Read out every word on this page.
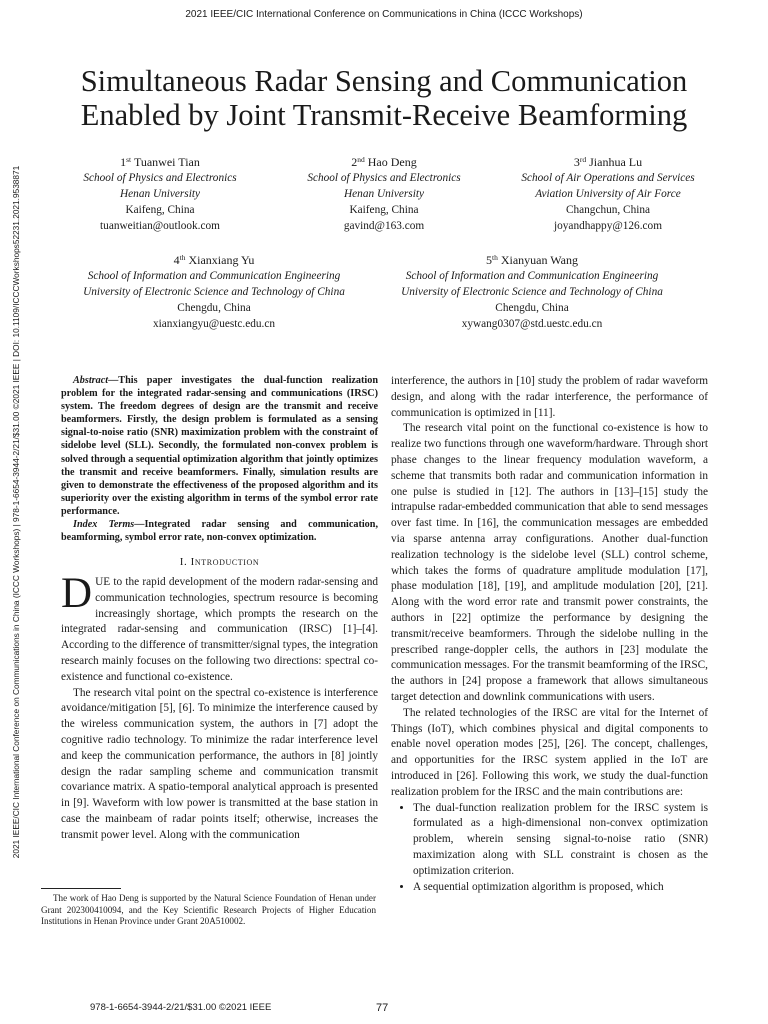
2021 IEEE/CIC International Conference on Communications in China (ICCC Workshops)
2021 IEEE/CIC International Conference on Communications in China (ICCC Workshops) | 978-1-6654-3944-2/21/$31.00 ©2021 IEEE | DOI: 10.1109/ICCCWorkshops52231.2021.9538871
Simultaneous Radar Sensing and Communication
Enabled by Joint Transmit-Receive Beamforming
1st Tuanwei Tian
School of Physics and Electronics
Henan University
Kaifeng, China
tuanweitian@outlook.com
2nd Hao Deng
School of Physics and Electronics
Henan University
Kaifeng, China
gavind@163.com
3rd Jianhua Lu
School of Air Operations and Services
Aviation University of Air Force
Changchun, China
joyandhappy@126.com
4th Xianxiang Yu
School of Information and Communication Engineering
University of Electronic Science and Technology of China
Chengdu, China
xianxiangyu@uestc.edu.cn
5th Xianyuan Wang
School of Information and Communication Engineering
University of Electronic Science and Technology of China
Chengdu, China
xywang0307@std.uestc.edu.cn

Abstract—This paper investigates the dual-function realization problem for the integrated radar-sensing and communications (IRSC) system. The freedom degrees of design are the transmit and receive beamformers. Firstly, the design problem is formulated as a sensing signal-to-noise ratio (SNR) maximization problem with the constraint of sidelobe level (SLL). Secondly, the formulated non-convex problem is solved through a sequential optimization algorithm that jointly optimizes the transmit and receive beamformers. Finally, simulation results are given to demonstrate the effectiveness of the proposed algorithm and its superiority over the existing algorithm in terms of the symbol error rate performance.

Index Terms—Integrated radar sensing and communication, beamforming, symbol error rate, non-convex optimization.

I. Introduction

DUE to the rapid development of the modern radar-sensing and communication technologies, spectrum resource is becoming increasingly shortage, which prompts the research on the integrated radar-sensing and communication (IRSC) [1]–[4]. According to the difference of transmitter/signal types, the integration research mainly focuses on the following two directions: spectral co-existence and functional co-existence.

The research vital point on the spectral co-existence is interference avoidance/mitigation [5], [6]. To minimize the interference caused by the wireless communication system, the authors in [7] adopt the cognitive radio technology. To minimize the radar interference level and keep the communication performance, the authors in [8] jointly design the radar sampling scheme and communication transmit covariance matrix. A spatio-temporal analytical approach is presented in [9]. Waveform with low power is transmitted at the base station in case the mainbeam of radar points itself; otherwise, increases the transmit power level. Along with the communication

The work of Hao Deng is supported by the Natural Science Foundation of Henan under Grant 202300410094, and the Key Scientific Research Projects of Higher Education Institutions in Henan Province under Grant 20A510002.

interference, the authors in [10] study the problem of radar waveform design, and along with the radar interference, the performance of communication is optimized in [11].

The research vital point on the functional co-existence is how to realize two functions through one waveform/hardware. Through short phase changes to the linear frequency modulation waveform, a scheme that transmits both radar and communication information in one pulse is studied in [12]. The authors in [13]–[15] study the intrapulse radar-embedded communication that able to send messages over fast time. In [16], the communication messages are embedded via sparse antenna array configurations. Another dual-function realization technology is the sidelobe level (SLL) control scheme, which takes the forms of quadrature amplitude modulation [17], phase modulation [18], [19], and amplitude modulation [20], [21]. Along with the word error rate and transmit power constraints, the authors in [22] optimize the performance by designing the transmit/receive beamformers. Through the sidelobe nulling in the prescribed range-doppler cells, the authors in [23] modulate the communication messages. For the transmit beamforming of the IRSC, the authors in [24] propose a framework that allows simultaneous target detection and downlink communications with users.

The related technologies of the IRSC are vital for the Internet of Things (IoT), which combines physical and digital components to enable novel operation modes [25], [26]. The concept, challenges, and opportunities for the IRSC system applied in the IoT are introduced in [26]. Following this work, we study the dual-function realization problem for the IRSC and the main contributions are:

• The dual-function realization problem for the IRSC system is formulated as a high-dimensional non-convex optimization problem, wherein sensing signal-to-noise ratio (SNR) maximization along with SLL constraint is chosen as the optimization criterion.
• A sequential optimization algorithm is proposed, which
978-1-6654-3944-2/21/$31.00 ©2021 IEEE	77
